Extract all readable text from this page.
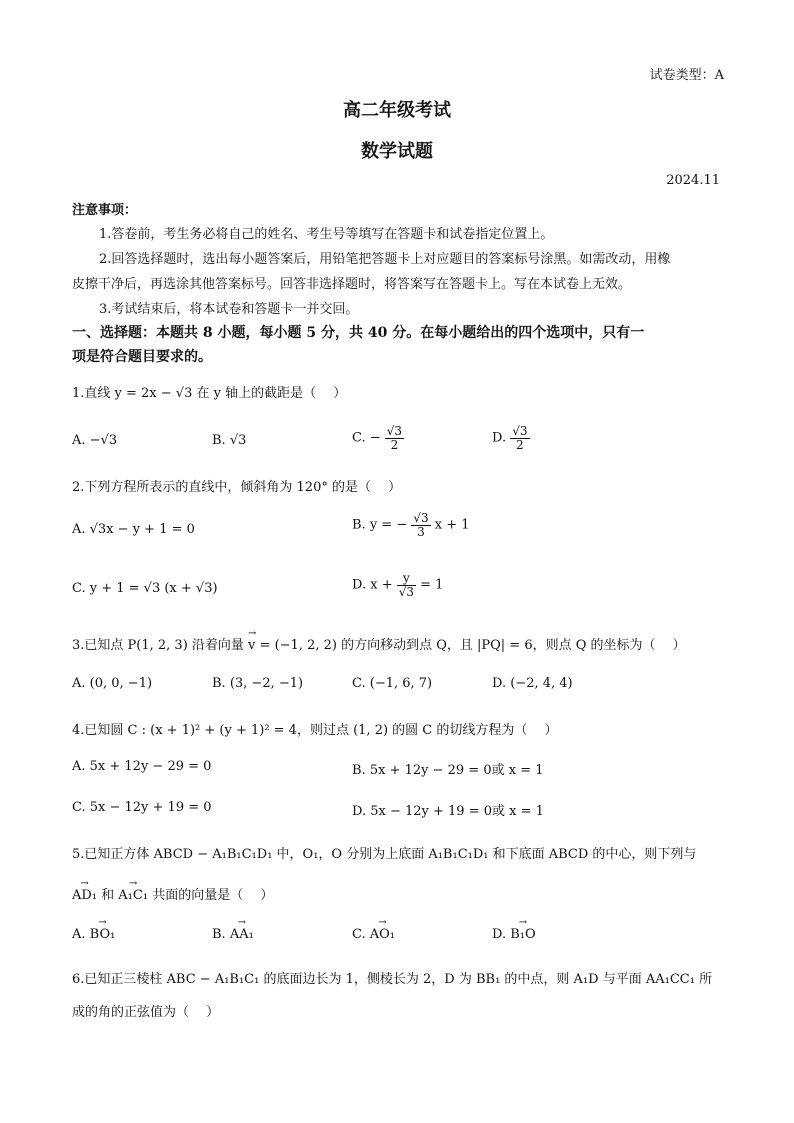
试卷类型：A
高二年级考试
数学试题
2024.11
注意事项：
1.答卷前，考生务必将自己的姓名、考生号等填写在答题卡和试卷指定位置上。
2.回答选择题时，选出每小题答案后，用铅笔把答题卡上对应题目的答案标号涂黑。如需改动，用橡
皮擦干净后，再选涂其他答案标号。回答非选择题时，将答案写在答题卡上。写在本试卷上无效。
3.考试结束后，将本试卷和答题卡一并交回。
一、选择题：本题共 8 小题，每小题 5 分，共 40 分。在每小题给出的四个选项中，只有一
项是符合题目要求的。
1.直线 y = 2x − √3 在 y 轴上的截距是（　 ）
A. −√3	B. √3	C. − $\frac{√3}{2}$	D. $\frac{√3}{2}$
2.下列方程所表示的直线中，倾斜角为 120° 的是（　 ）
A. √3x − y + 1 = 0	B. y = − $\frac{√3}{3}$ x + 1
C. y + 1 = √3 (x + √3)	D. $x + \frac{y}{√3} = 1$
3.已知点 P(1, 2, 3) 沿着向量 → v = (−1, 2, 2) 的方向移动到点 Q，且 |PQ| = 6，则点 Q 的坐标为（　 ）
A. (0, 0, −1)	B. (3, −2, −1)	C. (−1, 6, 7)	D. (−2, 4, 4)
4.已知圆 C : (x + 1)² + (y + 1)² = 4，则过点 (1, 2) 的圆 C 的切线方程为（　 ）
A. 5x + 12y − 29 = 0	B. 5x + 12y − 29 = 0或 x = 1
C. 5x − 12y + 19 = 0	D. 5x − 12y + 19 = 0或 x = 1
5.已知正方体 ABCD − A₁B₁C₁D₁ 中，O₁，O 分别为上底面 A₁B₁C₁D₁ 和下底面 ABCD 的中心，则下列与
→ AD₁ 和 → A₁C₁ 共面的向量是（　 ）
A. → BO₁	B. → AA₁	C. → AO₁	D. → B₁O
6.已知正三棱柱 ABC − A₁B₁C₁ 的底面边长为 1，侧棱长为 2，D 为 BB₁ 的中点，则 A₁D 与平面 AA₁CC₁ 所
成的角的正弦值为（　 ）
